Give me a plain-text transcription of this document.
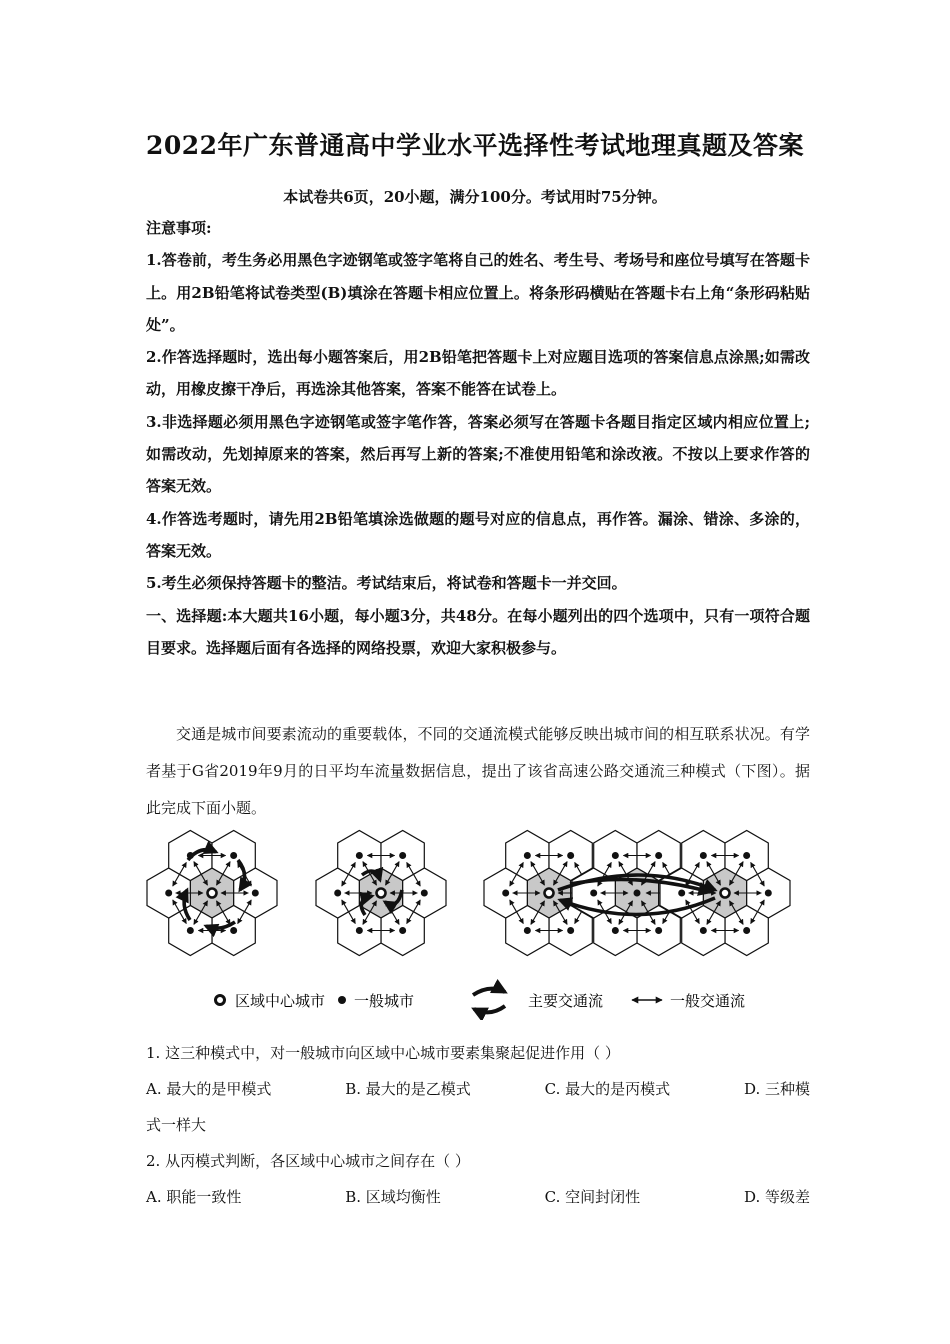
2022年广东普通高中学业水平选择性考试地理真题及答案
本试卷共6页，20小题，满分100分。考试用时75分钟。

注意事项:

1.答卷前，考生务必用黑色字迹钢笔或签字笔将自己的姓名、考生号、考场号和座位号填写在答题卡上。用2B铅笔将试卷类型(B)填涂在答题卡相应位置上。将条形码横贴在答题卡右上角“条形码粘贴处”。

2.作答选择题时，选出每小题答案后，用2B铅笔把答题卡上对应题目选项的答案信息点涂黑;如需改动，用橡皮擦干净后，再选涂其他答案，答案不能答在试卷上。

3.非选择题必须用黑色字迹钢笔或签字笔作答，答案必须写在答题卡各题目指定区域内相应位置上;如需改动，先划掉原来的答案，然后再写上新的答案;不准使用铅笔和涂改液。不按以上要求作答的答案无效。

4.作答选考题时，请先用2B铅笔填涂选做题的题号对应的信息点，再作答。漏涂、错涂、多涂的，答案无效。

5.考生必须保持答题卡的整洁。考试结束后，将试卷和答题卡一并交回。

一、选择题:本大题共16小题，每小题3分，共48分。在每小题列出的四个选项中，只有一项符合题目要求。选择题后面有各选择的网络投票，欢迎大家积极参与。

交通是城市间要素流动的重要载体，不同的交通流模式能够反映出城市间的相互联系状况。有学者基于G省2019年9月的日平均车流量数据信息，提出了该省高速公路交通流三种模式（下图）。据此完成下面小题。

区域中心城市 一般城市	主要交通流	一般交通流

1. 这三种模式中，对一般城市向区域中心城市要素集聚起促进作用（ ）

A. 最大的是甲模式	B. 最大的是乙模式	C. 最大的是丙模式	D. 三种模

式一样大

2. 从丙模式判断，各区域中心城市之间存在（ ）

A. 职能一致性	B. 区域均衡性	C. 空间封闭性	D. 等级差
